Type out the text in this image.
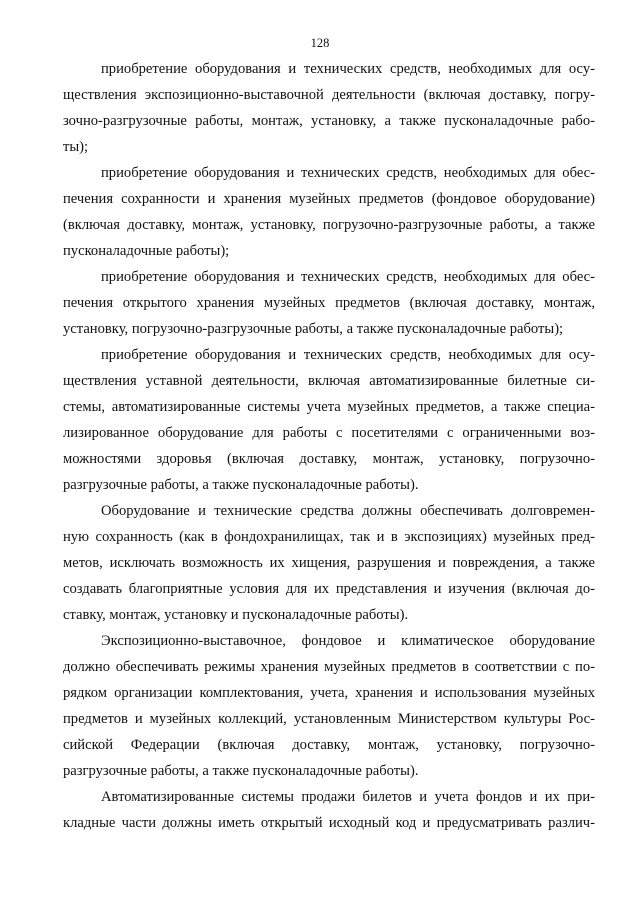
128
приобретение оборудования и технических средств, необходимых для осу-
ществления экспозиционно-выставочной деятельности (включая доставку, погру-
зочно-разгрузочные работы, монтаж, установку, а также пусконаладочные рабо-
ты);
приобретение оборудования и технических средств, необходимых для обес-
печения сохранности и хранения музейных предметов (фондовое оборудование)
(включая доставку, монтаж, установку, погрузочно-разгрузочные работы, а также
пусконаладочные работы);
приобретение оборудования и технических средств, необходимых для обес-
печения открытого хранения музейных предметов (включая доставку, монтаж,
установку, погрузочно-разгрузочные работы, а также пусконаладочные работы);
приобретение оборудования и технических средств, необходимых для осу-
ществления уставной деятельности, включая автоматизированные билетные си-
стемы, автоматизированные системы учета музейных предметов, а также специа-
лизированное оборудование для работы с посетителями с ограниченными воз-
можностями здоровья (включая доставку, монтаж, установку, погрузочно-
разгрузочные работы, а также пусконаладочные работы).
Оборудование и технические средства должны обеспечивать долговремен-
ную сохранность (как в фондохранилищах, так и в экспозициях) музейных пред-
метов, исключать возможность их хищения, разрушения и повреждения, а также
создавать благоприятные условия для их представления и изучения (включая до-
ставку, монтаж, установку и пусконаладочные работы).
Экспозиционно-выставочное, фондовое и климатическое оборудование
должно обеспечивать режимы хранения музейных предметов в соответствии с по-
рядком организации комплектования, учета, хранения и использования музейных
предметов и музейных коллекций, установленным Министерством культуры Рос-
сийской Федерации (включая доставку, монтаж, установку, погрузочно-
разгрузочные работы, а также пусконаладочные работы).
Автоматизированные системы продажи билетов и учета фондов и их при-
кладные части должны иметь открытый исходный код и предусматривать различ-
